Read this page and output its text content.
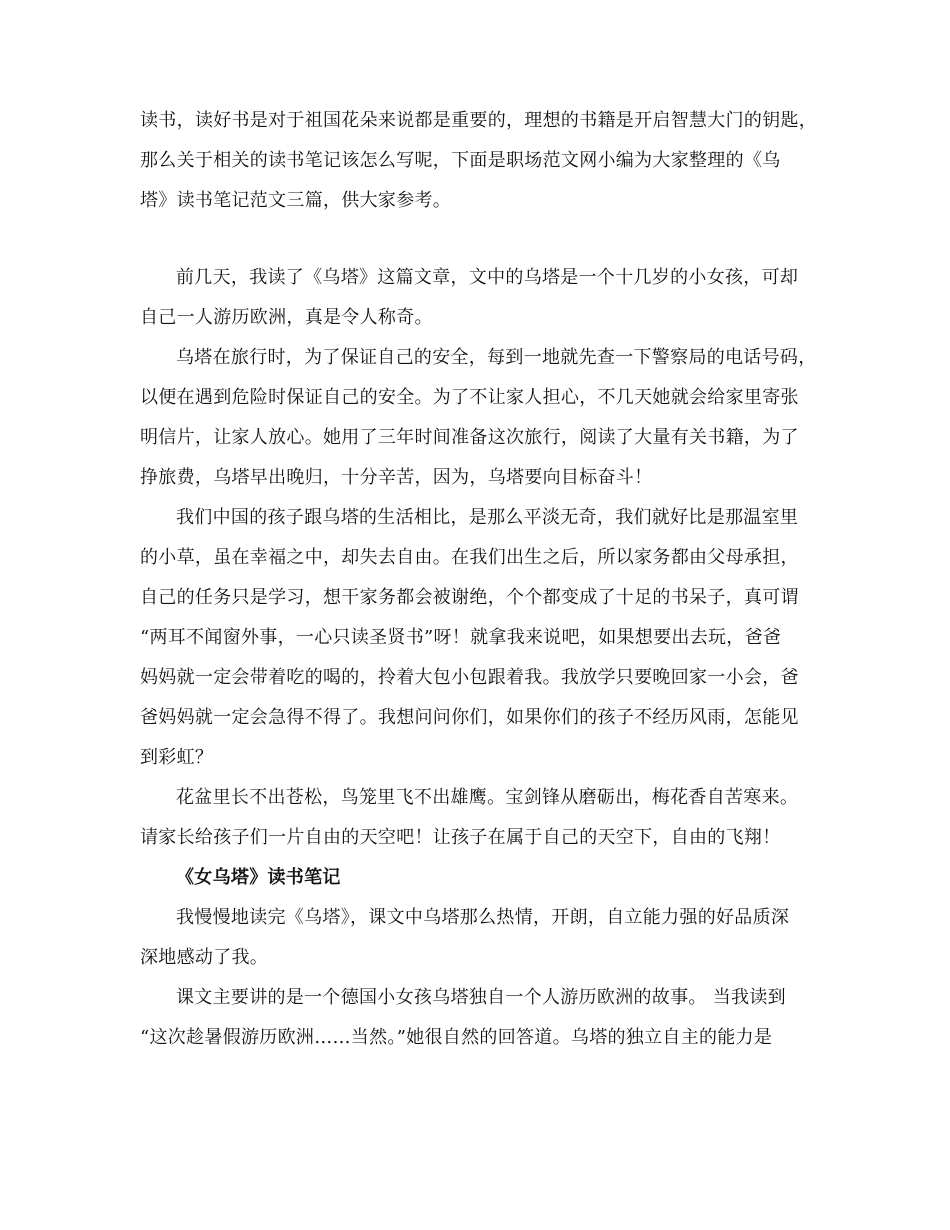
读书，读好书是对于祖国花朵来说都是重要的，理想的书籍是开启智慧大门的钥匙，
那么关于相关的读书笔记该怎么写呢，下面是职场范文网小编为大家整理的《乌
塔》读书笔记范文三篇，供大家参考。
前几天，我读了《乌塔》这篇文章，文中的乌塔是一个十几岁的小女孩，可却
自己一人游历欧洲，真是令人称奇。
乌塔在旅行时，为了保证自己的安全，每到一地就先查一下警察局的电话号码，
以便在遇到危险时保证自己的安全。为了不让家人担心，不几天她就会给家里寄张
明信片，让家人放心。她用了三年时间准备这次旅行，阅读了大量有关书籍，为了
挣旅费，乌塔早出晚归，十分辛苦，因为，乌塔要向目标奋斗！
我们中国的孩子跟乌塔的生活相比，是那么平淡无奇，我们就好比是那温室里
的小草，虽在幸福之中，却失去自由。在我们出生之后，所以家务都由父母承担，
自己的任务只是学习，想干家务都会被谢绝，个个都变成了十足的书呆子，真可谓
“两耳不闻窗外事，一心只读圣贤书”呀！就拿我来说吧，如果想要出去玩，爸爸
妈妈就一定会带着吃的喝的，拎着大包小包跟着我。我放学只要晚回家一小会，爸
爸妈妈就一定会急得不得了。我想问问你们，如果你们的孩子不经历风雨，怎能见
到彩虹？
花盆里长不出苍松，鸟笼里飞不出雄鹰。宝剑锋从磨砺出，梅花香自苦寒来。
请家长给孩子们一片自由的天空吧！让孩子在属于自己的天空下，自由的飞翔！
《女乌塔》读书笔记
我慢慢地读完《乌塔》，课文中乌塔那么热情，开朗，自立能力强的好品质深
深地感动了我。
课文主要讲的是一个德国小女孩乌塔独自一个人游历欧洲的故事。 当我读到
“这次趁暑假游历欧洲……当然。”她很自然的回答道。乌塔的独立自主的能力是
